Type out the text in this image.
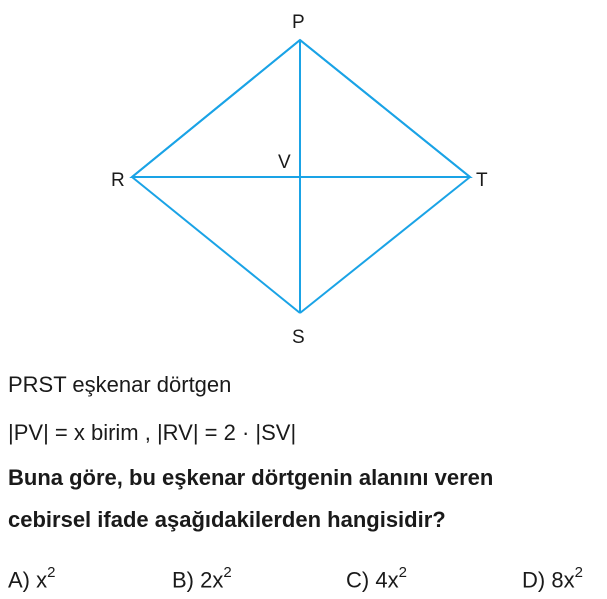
P
R	T
S
V

PRST eşkenar dörtgen

|PV| = x birim , |RV| = 2 · |SV|

Buna göre, bu eşkenar dörtgenin alanını veren

cebirsel ifade aşağıdakilerden hangisidir?

A) $x^2$	B) $2x^2$	C) $4x^2$	D) $8x^2$
